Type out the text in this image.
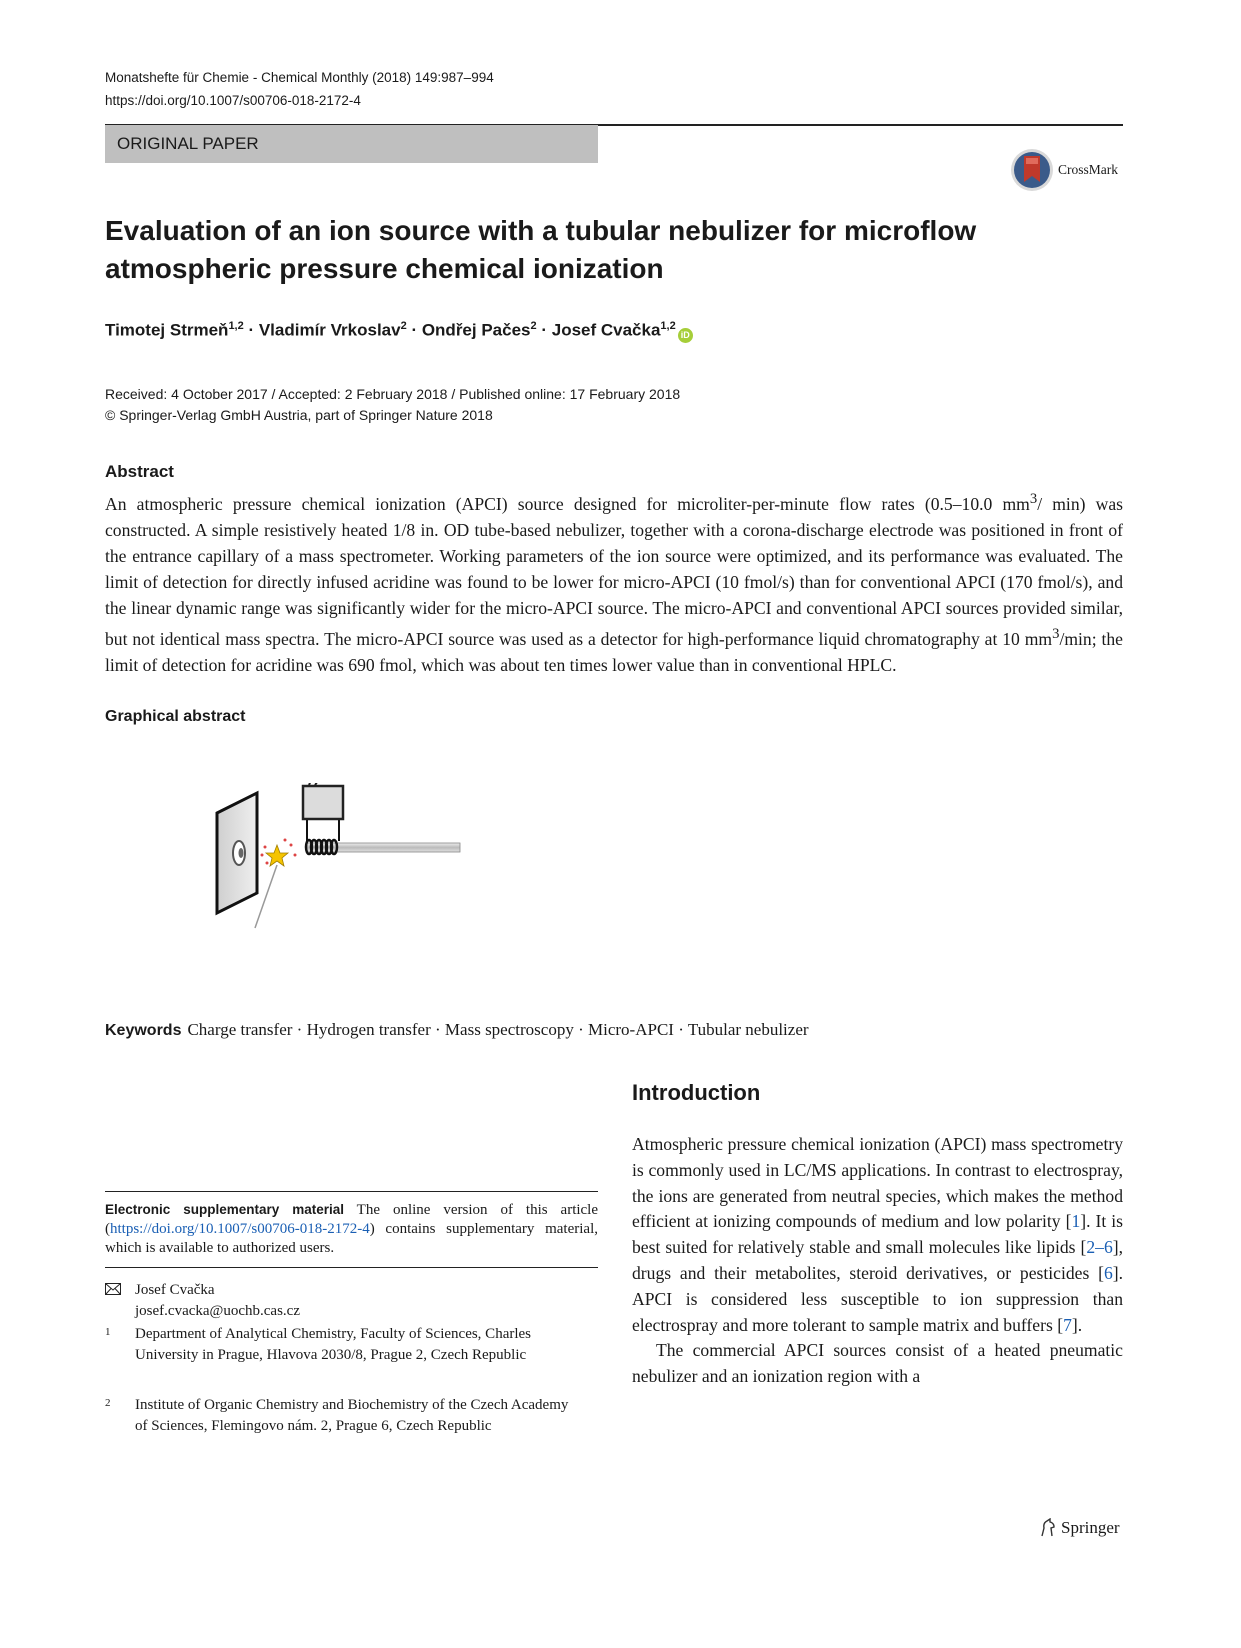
Monatshefte für Chemie - Chemical Monthly (2018) 149:987–994
https://doi.org/10.1007/s00706-018-2172-4
ORIGINAL PAPER
CrossMark
Evaluation of an ion source with a tubular nebulizer for microflow atmospheric pressure chemical ionization
Timotej Strmeň$^{1,2}$ · Vladimír Vrkoslav$^2$ · Ondřej Pačes$^2$ · Josef Cvačka$^{1,2}$iD
Received: 4 October 2017 / Accepted: 2 February 2018 / Published online: 17 February 2018
© Springer-Verlag GmbH Austria, part of Springer Nature 2018
Abstract

An atmospheric pressure chemical ionization (APCI) source designed for microliter-per-minute flow rates (0.5–10.0 $mm^3/$ min) was constructed. A simple resistively heated 1/8 in. OD tube-based nebulizer, together with a corona-discharge electrode was positioned in front of the entrance capillary of a mass spectrometer. Working parameters of the ion source were optimized, and its performance was evaluated. The limit of detection for directly infused acridine was found to be lower for micro-APCI (10 fmol/s) than for conventional APCI (170 fmol/s), and the linear dynamic range was significantly wider for the micro-APCI source. The micro-APCI and conventional APCI sources provided similar, but not identical mass spectra. The micro-APCI source was used as a detector for high-performance liquid chromatography at 10 $mm^3/\min$; the limit of detection for acridine was 690 fmol, which was about ten times lower value than in conventional HPLC.

Graphical abstract
Keywords Charge transfer · Hydrogen transfer · Mass spectroscopy · Micro-APCI · Tubular nebulizer
Introduction

Atmospheric pressure chemical ionization (APCI) mass spectrometry is commonly used in LC/MS applications. In contrast to electrospray, the ions are generated from neutral species, which makes the method efficient at ionizing compounds of medium and low polarity [1]. It is best suited for relatively stable and small molecules like lipids [2–6], drugs and their metabolites, steroid derivatives, or pesticides [6]. APCI is considered less susceptible to ion suppression than electrospray and more tolerant to sample matrix and buffers [7].

The commercial APCI sources consist of a heated pneumatic nebulizer and an ionization region with a

Electronic supplementary material The online version of this article (https://doi.org/10.1007/s00706-018-2172-4) contains supplementary material, which is available to authorized users.

Josef Cvačka
josef.cvacka@uochb.cas.cz
1 Department of Analytical Chemistry, Faculty of Sciences, Charles University in Prague, Hlavova 2030/8, Prague 2, Czech Republic
2 Institute of Organic Chemistry and Biochemistry of the Czech Academy of Sciences, Flemingovo nám. 2, Prague 6, Czech Republic
Springer
